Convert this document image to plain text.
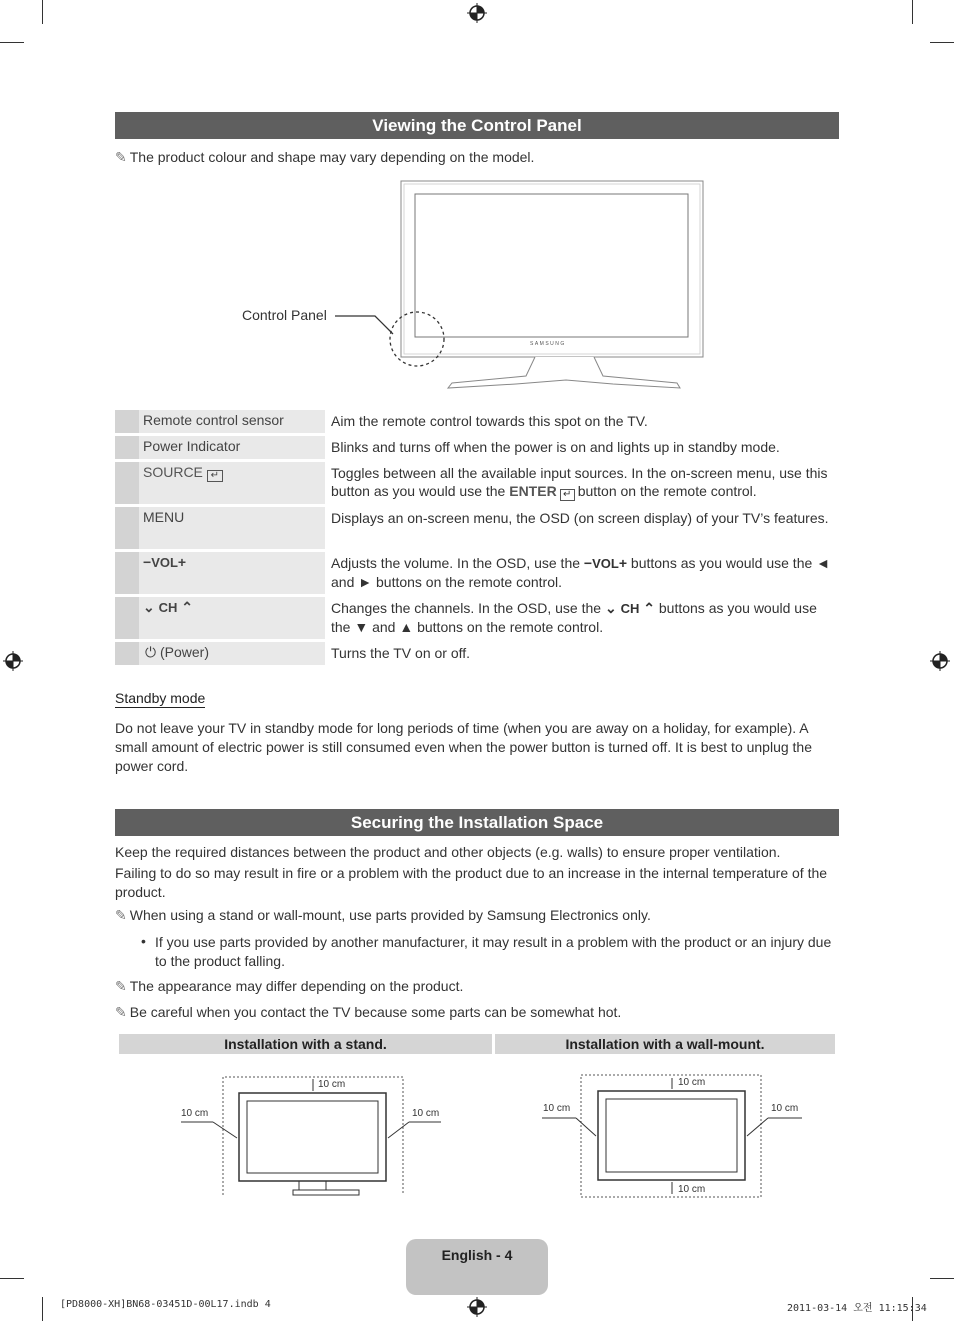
Viewing the Control Panel
✎ The product colour and shape may vary depending on the model.
Control Panel
SAMSUNG
	Remote control sensor	Aim the remote control towards this spot on the TV.
	Power Indicator	Blinks and turns off when the power is on and lights up in standby mode.
	SOURCE ↵	Toggles between all the available input sources. In the on-screen menu, use this button as you would use the ENTER ↵ button on the remote control.
	MENU	Displays an on-screen menu, the OSD (on screen display) of your TV’s features.
	−VOL+	Adjusts the volume. In the OSD, use the −VOL+ buttons as you would use the ◄ and ► buttons on the remote control.
	⌄ CH ⌃	Changes the channels. In the OSD, use the ⌄ CH ⌃ buttons as you would use the ▼ and ▲ buttons on the remote control.
	⏻ (Power)	Turns the TV on or off.
Standby mode
Do not leave your TV in standby mode for long periods of time (when you are away on a holiday, for example). A small amount of electric power is still consumed even when the power button is turned off. It is best to unplug the power cord.
Securing the Installation Space
Keep the required distances between the product and other objects (e.g. walls) to ensure proper ventilation.
Failing to do so may result in fire or a problem with the product due to an increase in the internal temperature of the product.
✎ When using a stand or wall-mount, use parts provided by Samsung Electronics only.
• If you use parts provided by another manufacturer, it may result in a problem with the product or an injury due to the product falling.
✎ The appearance may differ depending on the product.
✎ Be careful when you contact the TV because some parts can be somewhat hot.
Installation with a stand.	Installation with a wall-mount.
10 cm
10 cm	10 cm
10 cm
10 cm
10 cm	10 cm
English - 4
[PD8000-XH]BN68-03451D-00L17.indb 4	2011-03-14 오전 11:15:34
